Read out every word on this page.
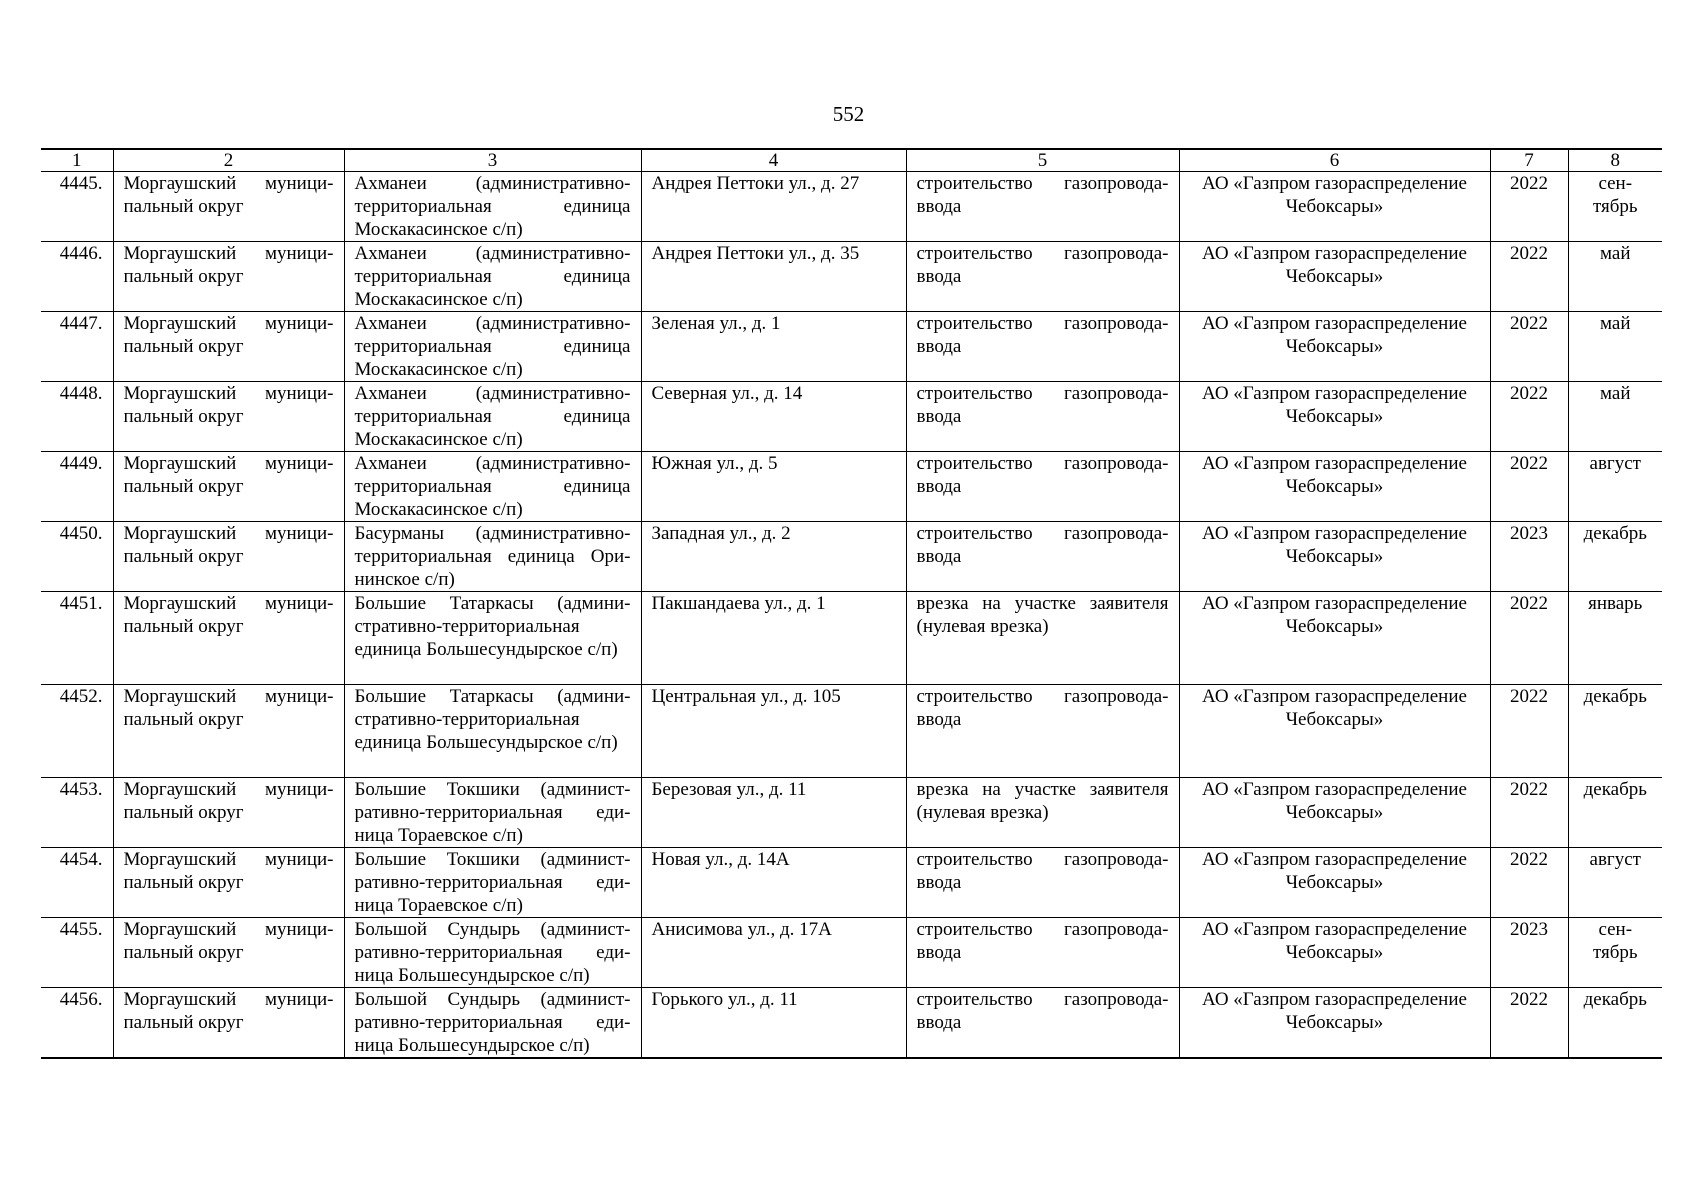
552
1	2	3	4	5	6	7	8
4445.	Моргаушский муници-пальный округ	Ахманеи (административно-территориальная единица Москакасинское с/п)	Андрея Петтоки ул., д. 27	строительство газопровода-ввода	АО «Газпром газораспределение Чебоксары»	2022	сен-тябрь
4446.	Моргаушский муници-пальный округ	Ахманеи (административно-территориальная единица Москакасинское с/п)	Андрея Петтоки ул., д. 35	строительство газопровода-ввода	АО «Газпром газораспределение Чебоксары»	2022	май
4447.	Моргаушский муници-пальный округ	Ахманеи (административно-территориальная единица Москакасинское с/п)	Зеленая ул., д. 1	строительство газопровода-ввода	АО «Газпром газораспределение Чебоксары»	2022	май
4448.	Моргаушский муници-пальный округ	Ахманеи (административно-территориальная единица Москакасинское с/п)	Северная ул., д. 14	строительство газопровода-ввода	АО «Газпром газораспределение Чебоксары»	2022	май
4449.	Моргаушский муници-пальный округ	Ахманеи (административно-территориальная единица Москакасинское с/п)	Южная ул., д. 5	строительство газопровода-ввода	АО «Газпром газораспределение Чебоксары»	2022	август
4450.	Моргаушский муници-пальный округ	Басурманы (административно-территориальная единица Ори-нинское с/п)	Западная ул., д. 2	строительство газопровода-ввода	АО «Газпром газораспределение Чебоксары»	2023	декабрь
4451.	Моргаушский муници-пальный округ	Большие Татаркасы (админи-стративно-территориальная единица Большесундырское с/п)	Пакшандаева ул., д. 1	врезка на участке заявителя (нулевая врезка)	АО «Газпром газораспределение Чебоксары»	2022	январь
4452.	Моргаушский муници-пальный округ	Большие Татаркасы (админи-стративно-территориальная единица Большесундырское с/п)	Центральная ул., д. 105	строительство газопровода-ввода	АО «Газпром газораспределение Чебоксары»	2022	декабрь
4453.	Моргаушский муници-пальный округ	Большие Токшики (админист-ративно-территориальная еди-ница Тораевское с/п)	Березовая ул., д. 11	врезка на участке заявителя (нулевая врезка)	АО «Газпром газораспределение Чебоксары»	2022	декабрь
4454.	Моргаушский муници-пальный округ	Большие Токшики (админист-ративно-территориальная еди-ница Тораевское с/п)	Новая ул., д. 14А	строительство газопровода-ввода	АО «Газпром газораспределение Чебоксары»	2022	август
4455.	Моргаушский муници-пальный округ	Большой Сундырь (админист-ративно-территориальная еди-ница Большесундырское с/п)	Анисимова ул., д. 17А	строительство газопровода-ввода	АО «Газпром газораспределение Чебоксары»	2023	сен-тябрь
4456.	Моргаушский муници-пальный округ	Большой Сундырь (админист-ративно-территориальная еди-ница Большесундырское с/п)	Горького ул., д. 11	строительство газопровода-ввода	АО «Газпром газораспределение Чебоксары»	2022	декабрь
